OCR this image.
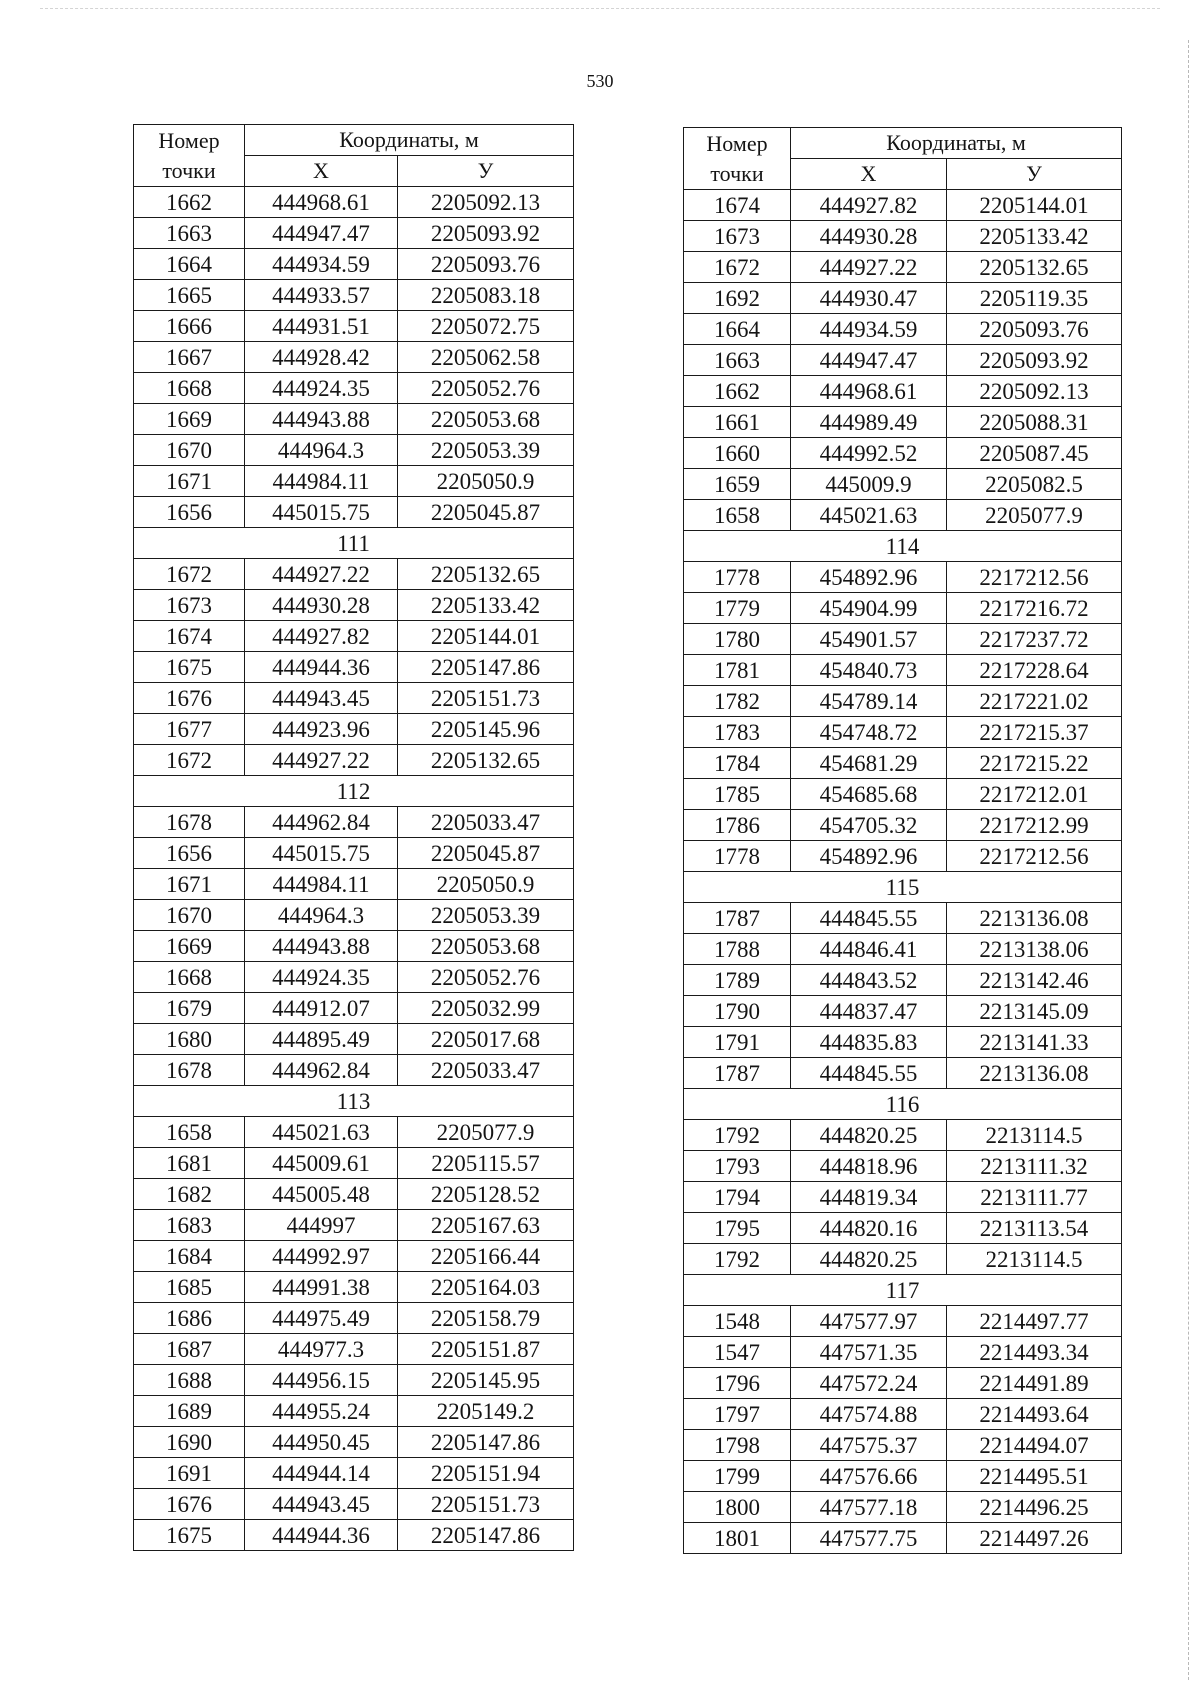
530
Номер
точки	Координаты, м	
	X	У
1662	444968.61	2205092.13
1663	444947.47	2205093.92
1664	444934.59	2205093.76
1665	444933.57	2205083.18
1666	444931.51	2205072.75
1667	444928.42	2205062.58
1668	444924.35	2205052.76
1669	444943.88	2205053.68
1670	444964.3	2205053.39
1671	444984.11	2205050.9
1656	445015.75	2205045.87
111		
1672	444927.22	2205132.65
1673	444930.28	2205133.42
1674	444927.82	2205144.01
1675	444944.36	2205147.86
1676	444943.45	2205151.73
1677	444923.96	2205145.96
1672	444927.22	2205132.65
112		
1678	444962.84	2205033.47
1656	445015.75	2205045.87
1671	444984.11	2205050.9
1670	444964.3	2205053.39
1669	444943.88	2205053.68
1668	444924.35	2205052.76
1679	444912.07	2205032.99
1680	444895.49	2205017.68
1678	444962.84	2205033.47
113		
1658	445021.63	2205077.9
1681	445009.61	2205115.57
1682	445005.48	2205128.52
1683	444997	2205167.63
1684	444992.97	2205166.44
1685	444991.38	2205164.03
1686	444975.49	2205158.79
1687	444977.3	2205151.87
1688	444956.15	2205145.95
1689	444955.24	2205149.2
1690	444950.45	2205147.86
1691	444944.14	2205151.94
1676	444943.45	2205151.73
1675	444944.36	2205147.86
Номер
точки	Координаты, м	
	X	У
1674	444927.82	2205144.01
1673	444930.28	2205133.42
1672	444927.22	2205132.65
1692	444930.47	2205119.35
1664	444934.59	2205093.76
1663	444947.47	2205093.92
1662	444968.61	2205092.13
1661	444989.49	2205088.31
1660	444992.52	2205087.45
1659	445009.9	2205082.5
1658	445021.63	2205077.9
114		
1778	454892.96	2217212.56
1779	454904.99	2217216.72
1780	454901.57	2217237.72
1781	454840.73	2217228.64
1782	454789.14	2217221.02
1783	454748.72	2217215.37
1784	454681.29	2217215.22
1785	454685.68	2217212.01
1786	454705.32	2217212.99
1778	454892.96	2217212.56
115		
1787	444845.55	2213136.08
1788	444846.41	2213138.06
1789	444843.52	2213142.46
1790	444837.47	2213145.09
1791	444835.83	2213141.33
1787	444845.55	2213136.08
116		
1792	444820.25	2213114.5
1793	444818.96	2213111.32
1794	444819.34	2213111.77
1795	444820.16	2213113.54
1792	444820.25	2213114.5
117		
1548	447577.97	2214497.77
1547	447571.35	2214493.34
1796	447572.24	2214491.89
1797	447574.88	2214493.64
1798	447575.37	2214494.07
1799	447576.66	2214495.51
1800	447577.18	2214496.25
1801	447577.75	2214497.26
